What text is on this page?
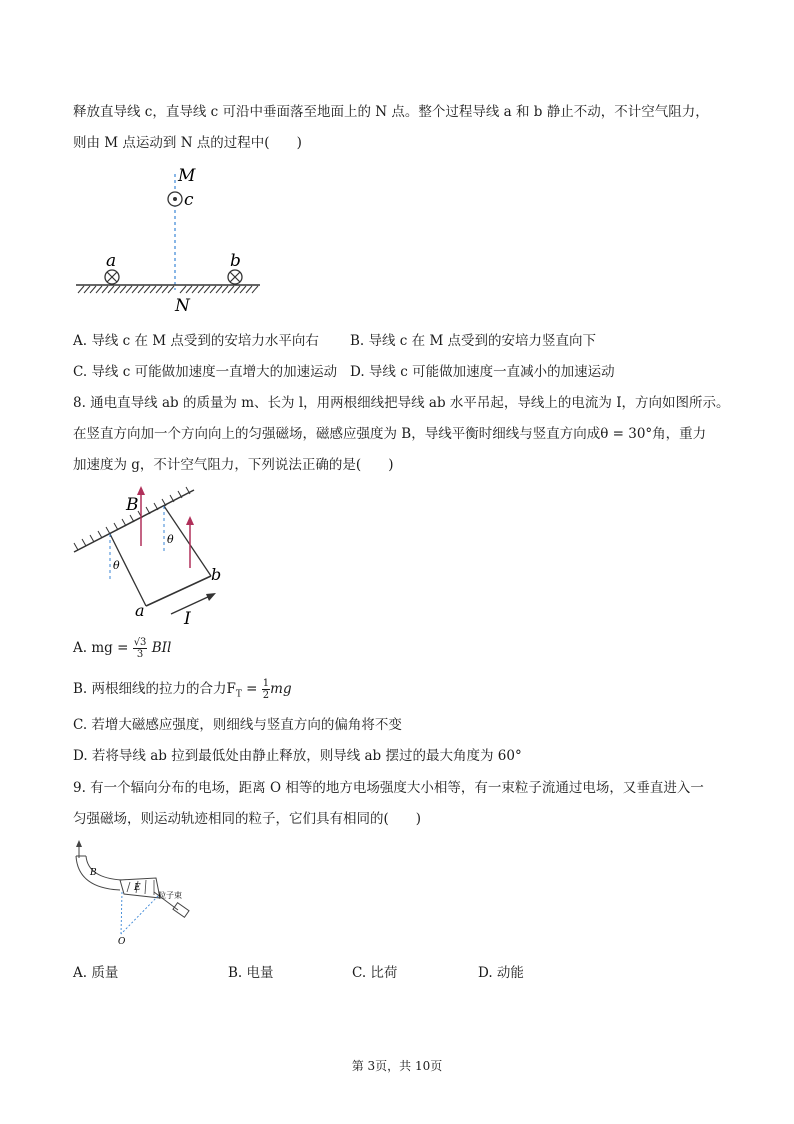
释放直导线 c，直导线 c 可沿中垂面落至地面上的 N 点。整个过程导线 a 和 b 静止不动，不计空气阻力，
则由 M 点运动到 N 点的过程中(　　)
M
c
a	b
N
A. 导线 c 在 M 点受到的安培力水平向右 B. 导线 c 在 M 点受到的安培力竖直向下
C. 导线 c 可能做加速度一直增大的加速运动 D. 导线 c 可能做加速度一直减小的加速运动
8. 通电直导线 ab 的质量为 m、长为 l，用两根细线把导线 ab 水平吊起，导线上的电流为 I，方向如图所示。
在竖直方向加一个方向向上的匀强磁场，磁感应强度为 B，导线平衡时细线与竖直方向成θ = 30°角，重力
加速度为 g，不计空气阻力，下列说法正确的是(　　)
B
θ
θ
a
b
I
A. mg = $\frac{√3}{3}$ BIl
B. 两根细线的拉力的合力$F_T = \frac{1}{2}$ mg
C. 若增大磁感应强度，则细线与竖直方向的偏角将不变
D. 若将导线 ab 拉到最低处由静止释放，则导线 ab 摆过的最大角度为 60°
9. 有一个辐向分布的电场，距离 O 相等的地方电场强度大小相等，有一束粒子流通过电场，又垂直进入一
匀强磁场，则运动轨迹相同的粒子，它们具有相同的(　　)
B
E
粒子束
O
A. 质量	B. 电量	C. 比荷	D. 动能
第 3页，共 10页
